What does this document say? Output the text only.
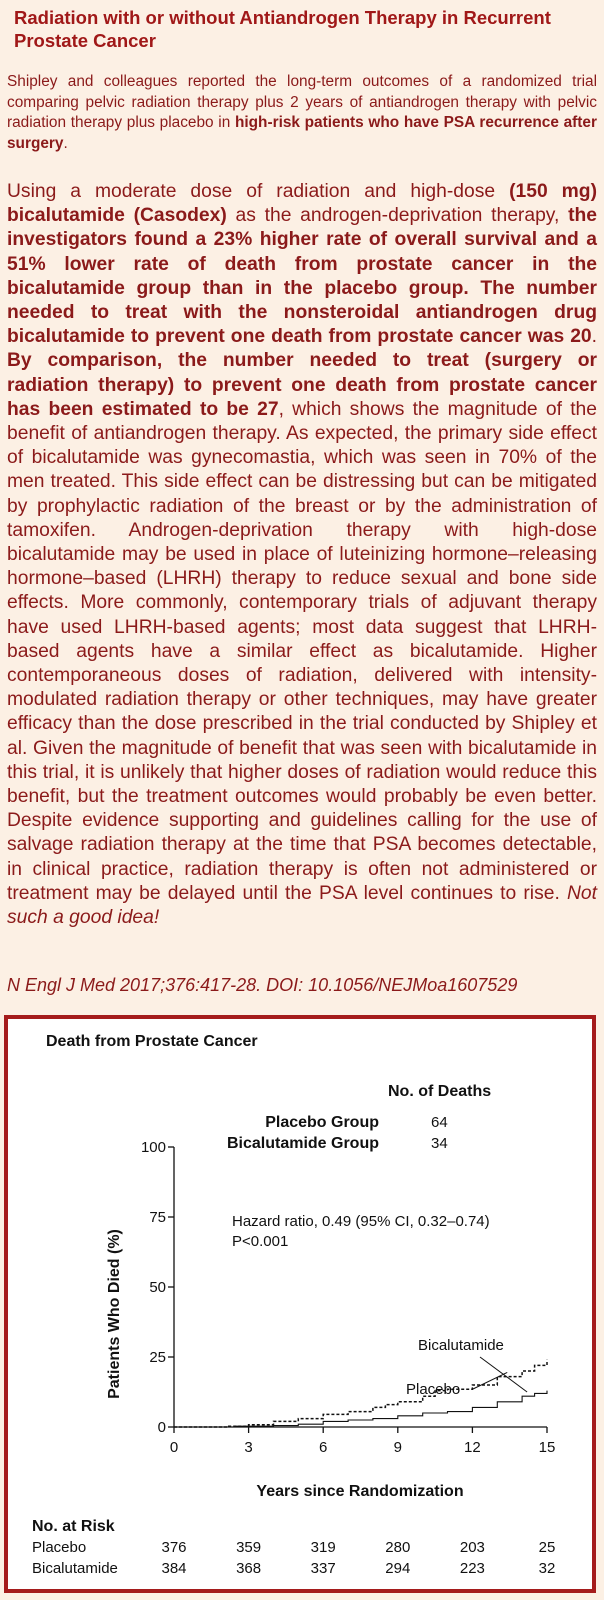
Radiation with or without Antiandrogen Therapy in Recurrent Prostate Cancer
Shipley and colleagues reported the long-term outcomes of a randomized trial comparing pelvic radiation therapy plus 2 years of antiandrogen therapy with pelvic radiation therapy plus placebo in high-risk patients who have PSA recurrence after surgery.
Using a moderate dose of radiation and high-dose (150 mg) bicalutamide (Casodex) as the androgen-deprivation therapy, the investigators found a 23% higher rate of overall survival and a 51% lower rate of death from prostate cancer in the bicalutamide group than in the placebo group. The number needed to treat with the nonsteroidal antiandrogen drug bicalutamide to prevent one death from prostate cancer was 20. By comparison, the number needed to treat (surgery or radiation therapy) to prevent one death from prostate cancer has been estimated to be 27, which shows the magnitude of the benefit of antiandrogen therapy. As expected, the primary side effect of bicalutamide was gynecomastia, which was seen in 70% of the men treated. This side effect can be distressing but can be mitigated by prophylactic radiation of the breast or by the administration of tamoxifen. Androgen-deprivation therapy with high-dose bicalutamide may be used in place of luteinizing hormone–releasing hormone–based (LHRH) therapy to reduce sexual and bone side effects. More commonly, contemporary trials of adjuvant therapy have used LHRH-based agents; most data suggest that LHRH-based agents have a similar effect as bicalutamide. Higher contemporaneous doses of radiation, delivered with intensity-modulated radiation therapy or other techniques, may have greater efficacy than the dose prescribed in the trial conducted by Shipley et al. Given the magnitude of benefit that was seen with bicalutamide in this trial, it is unlikely that higher doses of radiation would reduce this benefit, but the treatment outcomes would probably be even better. Despite evidence supporting and guidelines calling for the use of salvage radiation therapy at the time that PSA becomes detectable, in clinical practice, radiation therapy is often not administered or treatment may be delayed until the PSA level continues to rise. Not such a good idea!
N Engl J Med 2017;376:417-28. DOI: 10.1056/NEJMoa1607529
Death from Prostate Cancer
No. of Deaths
Placebo Group	64
Bicalutamide Group	34
Hazard ratio, 0.49 (95% CI, 0.32–0.74)
P<0.001
Patients Who Died (%)
Years since Randomization
Bicalutamide
Placebo
No. at Risk
Placebo
Bicalutamide
0
25
50
75
100
0
376
384
3
359
368
6
319
337
9
280
294
12
203
223
15
25
32
